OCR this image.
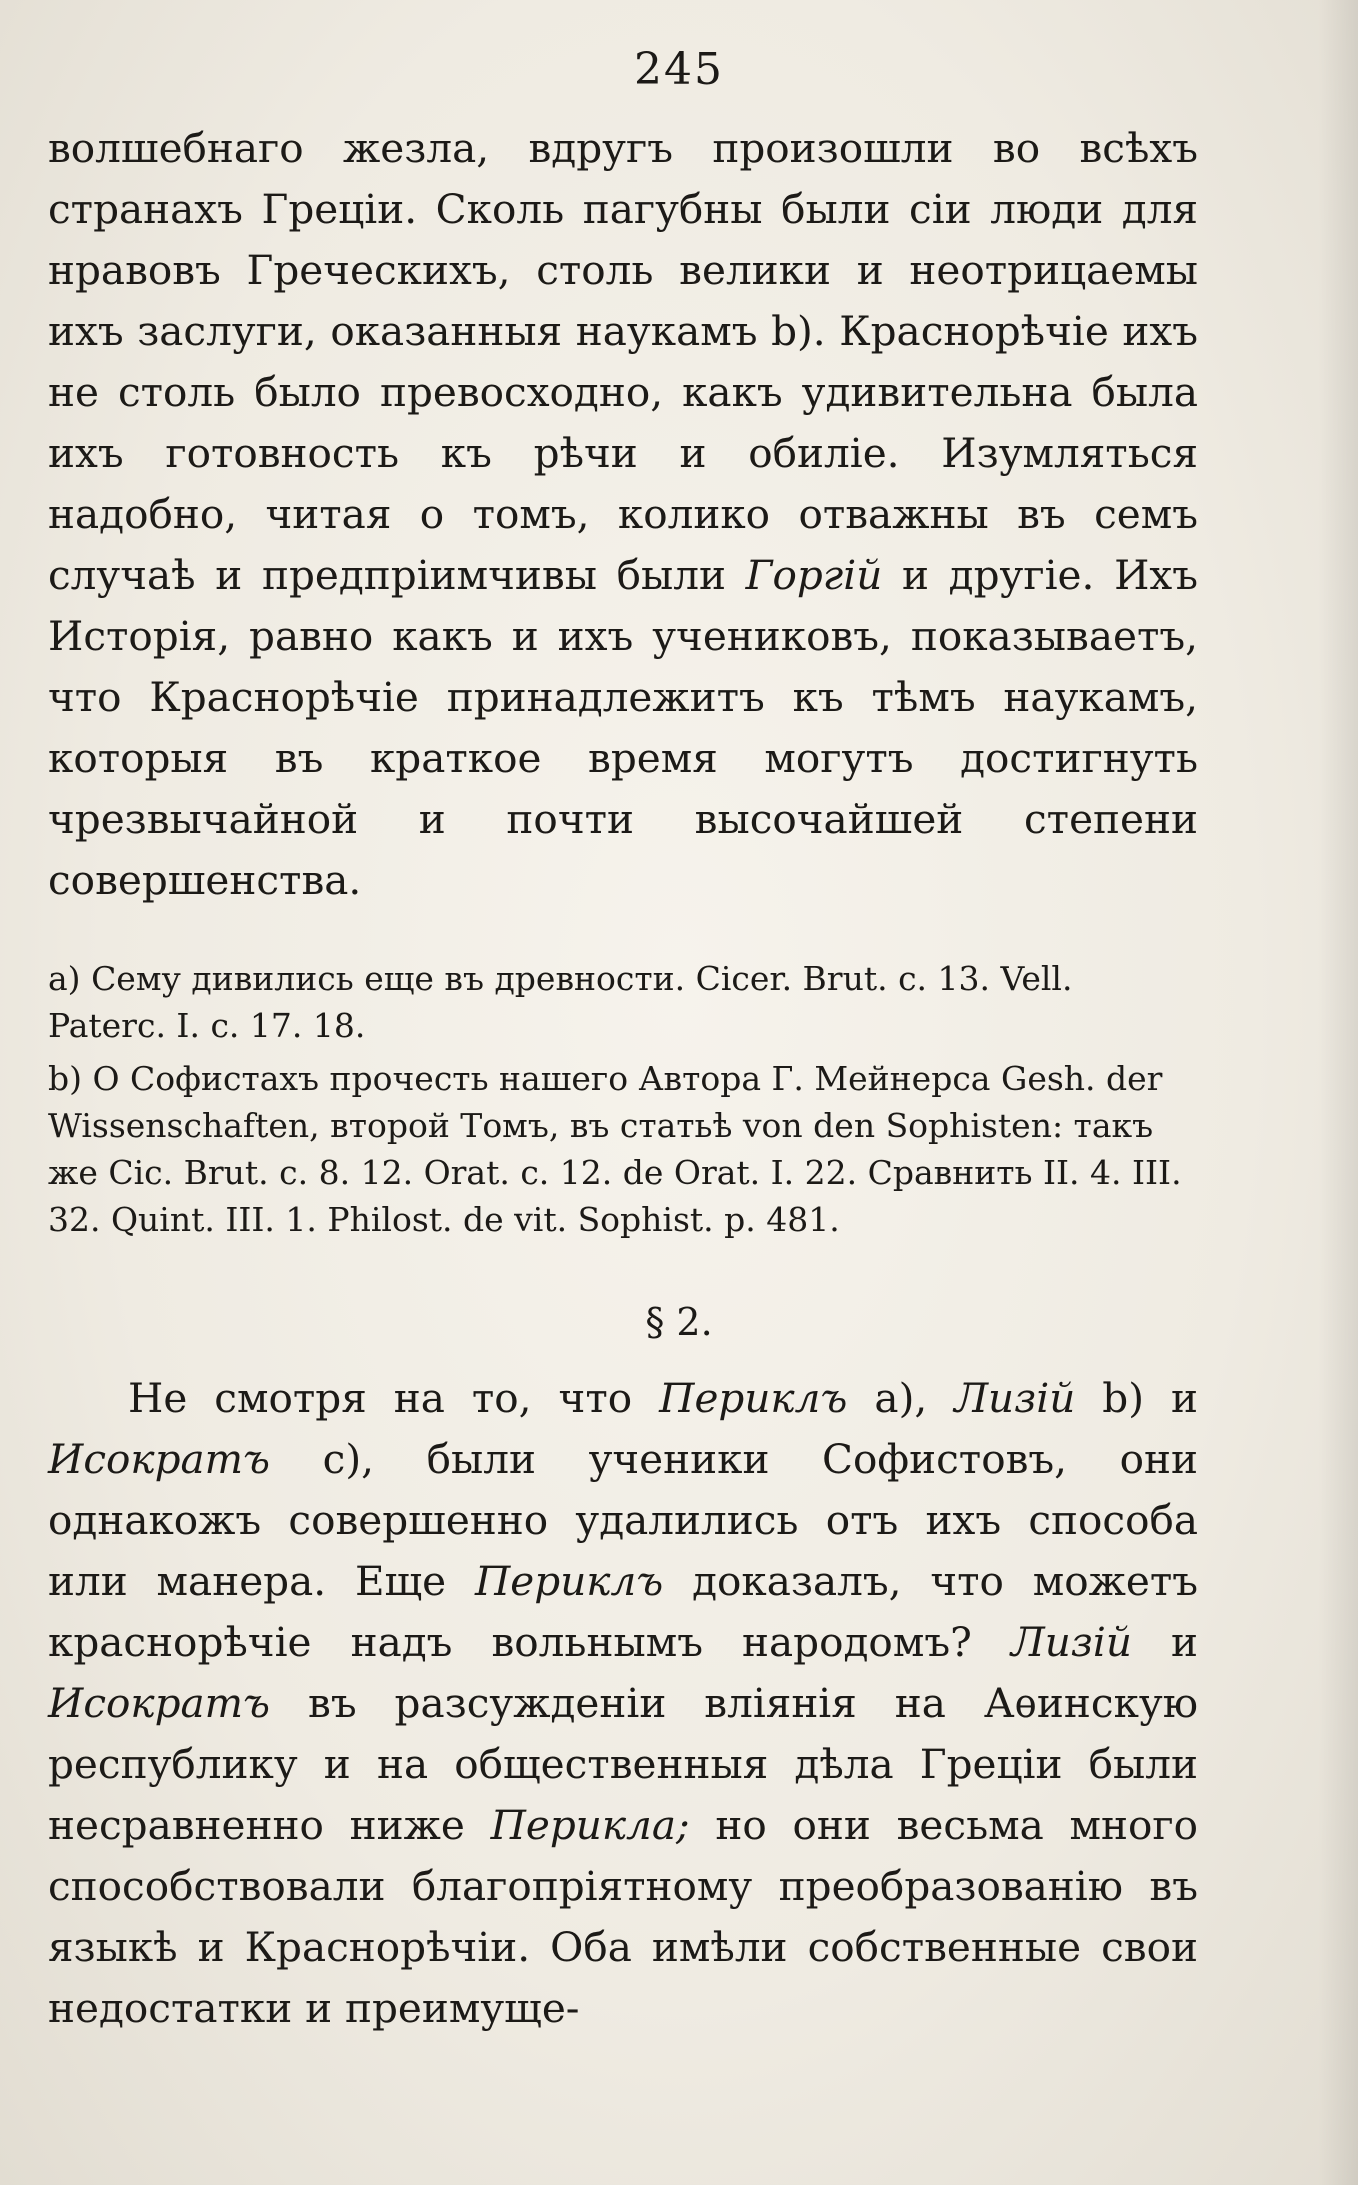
245
волшебнаго жезла, вдругъ произошли во всѣхъ странахъ Греціи. Сколь пагубны были сіи люди для нравовъ Греческихъ, столь велики и неотрицаемы ихъ заслуги, оказанныя наукамъ b). Краснорѣчіе ихъ не столь было превосходно, какъ удивительна была ихъ готовность къ рѣчи и обиліе. Изумляться надобно, читая о томъ, колико отважны въ семъ случаѣ и предпріимчивы были Горгій и другіе. Ихъ Исторія, равно какъ и ихъ учениковъ, показываетъ, что Краснорѣчіе принадлежитъ къ тѣмъ наукамъ, которыя въ краткое время могутъ достигнуть чрезвычайной и почти высочайшей степени совершенства.
a) Сему дивились еще въ древности. Cicer. Brut. c. 13. Vell. Paterc. I. c. 17. 18.
b) О Софистахъ прочесть нашего Автора Г. Мейнерса Gesh. der Wissenschaften, второй Томъ, въ статьѣ von den Sophisten: такъ же Cic. Brut. c. 8. 12. Orat. c. 12. de Orat. I. 22. Сравнить II. 4. III. 32. Quint. III. 1. Philost. de vit. Sophist. p. 481.
§ 2.
Не смотря на то, что Периклъ a), Лизій b) и Исократъ c), были ученики Софистовъ, они однакожъ совершенно удалились отъ ихъ способа или манера. Еще Периклъ доказалъ, что можетъ краснорѣчіе надъ вольнымъ народомъ? Лизій и Исократъ въ разсужденіи вліянія на Аѳинскую республику и на общественныя дѣла Греціи были несравненно ниже Перикла; но они весьма много способствовали благопріятному преобразованію въ языкѣ и Краснорѣчіи. Оба имѣли собственные свои недостатки и преимуще-
